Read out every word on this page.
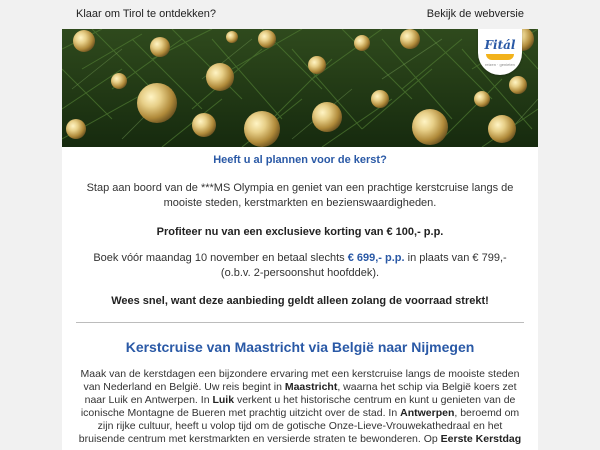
Klaar om Tirol te ontdekken?	Bekijk de webversie
Fitál
reizen · genieten
Heeft u al plannen voor de kerst?
Stap aan boord van de ***MS Olympia en geniet van een prachtige kerstcruise langs de mooiste steden, kerstmarkten en bezienswaardigheden.
Profiteer nu van een exclusieve korting van € 100,- p.p.
Boek vóór maandag 10 november en betaal slechts € 699,- p.p. in plaats van € 799,- (o.b.v. 2-persoonshut hoofddek).
Wees snel, want deze aanbieding geldt alleen zolang de voorraad strekt!
Kerstcruise van Maastricht via België naar Nijmegen
Maak van de kerstdagen een bijzondere ervaring met een kerstcruise langs de mooiste steden van Nederland en België. Uw reis begint in Maastricht, waarna het schip via België koers zet naar Luik en Antwerpen. In Luik verkent u het historische centrum en kunt u genieten van de iconische Montagne de Bueren met prachtig uitzicht over de stad. In Antwerpen, beroemd om zijn rijke cultuur, heeft u volop tijd om de gotische Onze-Lieve-Vrouwekathedraal en het bruisende centrum met kerstmarkten en versierde straten te bewonderen. Op Eerste Kerstdag
